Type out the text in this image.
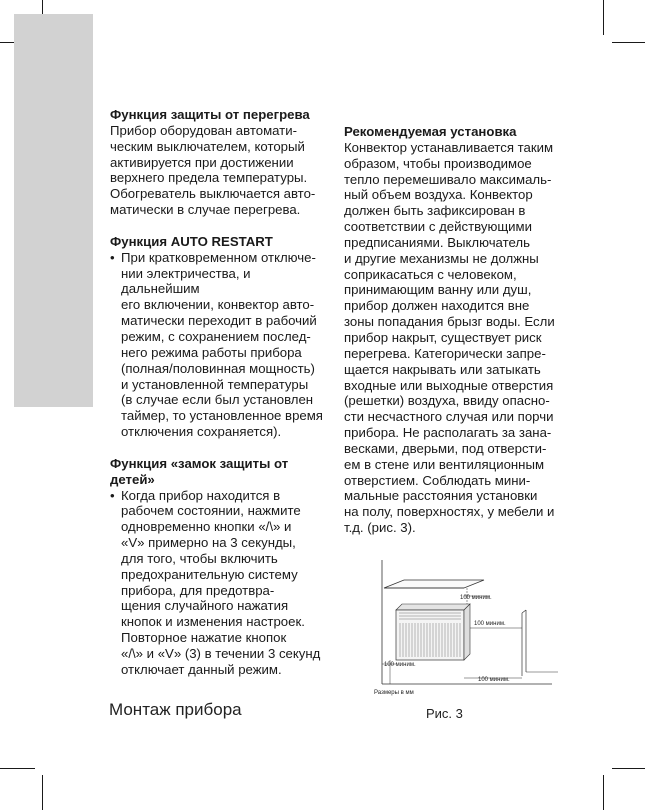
Функция защиты от перегрева

Прибор оборудован автомати-

ческим выключателем, который

активируется при достижении

верхнего предела температуры.

Обогреватель выключается авто-

матически в случае перегрева.

Функция AUTO RESTART
• При кратковременном отключе-

нии электричества, и дальнейшим

его включении, конвектор авто-

матически переходит в рабочий

режим, с сохранением послед-

него режима работы прибора

(полная/половинная мощность)

и установленной температуры

(в случае если был установлен

таймер, то установленное время

отключения сохраняется).

Функция «замок защиты от
детей»
• Когда прибор находится в

рабочем состоянии, нажмите

одновременно кнопки «/\» и

«V» примерно на 3 секунды,

для того, чтобы включить

предохранительную систему

прибора, для предотвра-

щения случайного нажатия

кнопок и изменения настроек.

Повторное нажатие кнопок

«/\» и «V» (3) в течении 3 секунд

отключает данный режим.

Рекомендуемая установка

Конвектор устанавливается таким

образом, чтобы производимое

тепло перемешивало максималь-

ный объем воздуха. Конвектор

должен быть зафиксирован в

соответствии с действующими

предписаниями. Выключатель

и другие механизмы не должны

соприкасаться с человеком,

принимающим ванну или душ,

прибор должен находится вне

зоны попадания брызг воды. Если

прибор накрыт, существует риск

перегрева. Категорически запре-

щается накрывать или затыкать

входные или выходные отверстия

(решетки) воздуха, ввиду опасно-

сти несчастного случая или порчи

прибора. Не располагать за зана-

весками, дверьми, под отверсти-

ем в стене или вентиляционным

отверстием. Соблюдать мини-

мальные расстояния установки

на полу, поверхностях, у мебели и

т.д. (рис. 3).

100 миним.
100 миним.
100 миним.
100 миним.
Размеры в мм
Рис. 3
Монтаж прибора
